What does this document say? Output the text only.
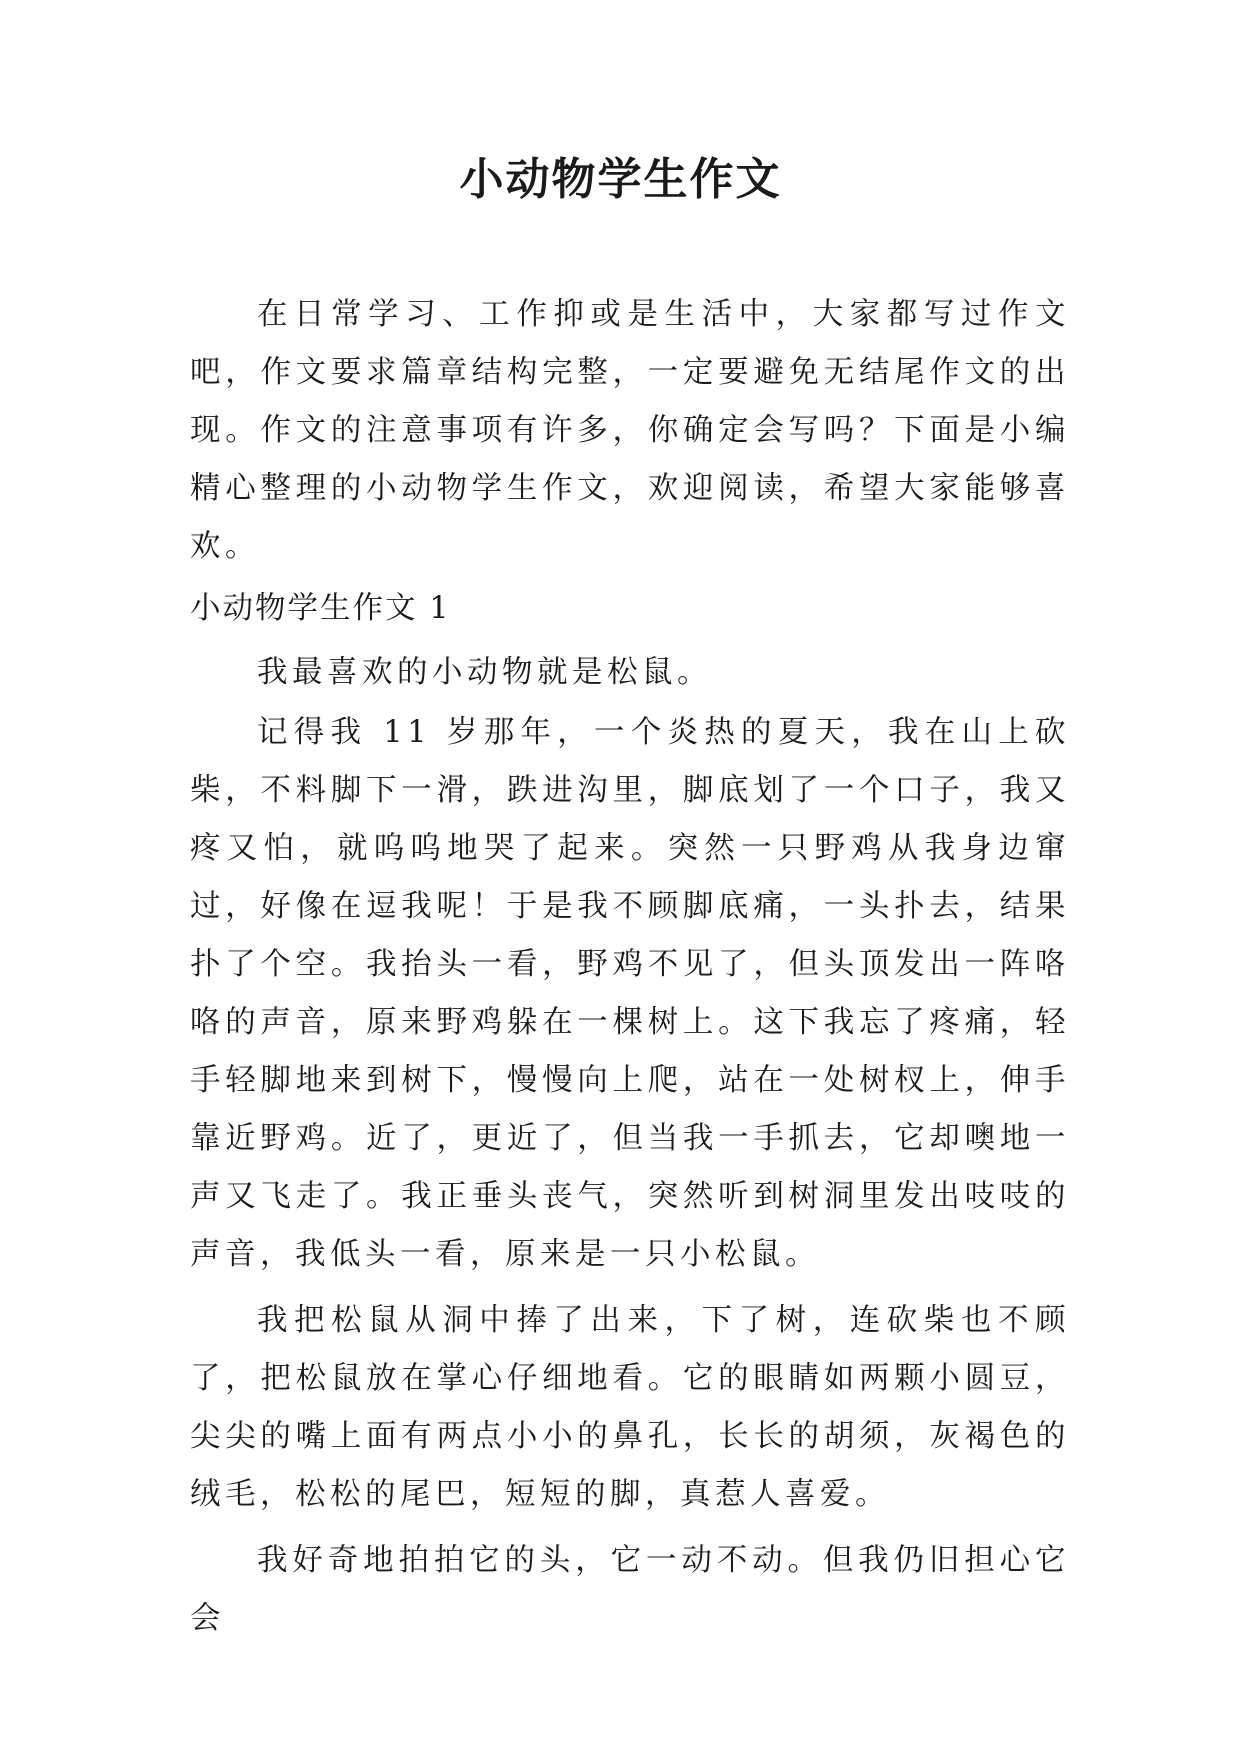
小动物学生作文

在日常学习、工作抑或是生活中，大家都写过作文吧，作文要求篇章结构完整，一定要避免无结尾作文的出现。作文的注意事项有许多，你确定会写吗？下面是小编精心整理的小动物学生作文，欢迎阅读，希望大家能够喜欢。

小动物学生作文 1

我最喜欢的小动物就是松鼠。

记得我 11 岁那年，一个炎热的夏天，我在山上砍柴，不料脚下一滑，跌进沟里，脚底划了一个口子，我又疼又怕，就呜呜地哭了起来。突然一只野鸡从我身边窜过，好像在逗我呢！于是我不顾脚底痛，一头扑去，结果扑了个空。我抬头一看，野鸡不见了，但头顶发出一阵咯咯的声音，原来野鸡躲在一棵树上。这下我忘了疼痛，轻手轻脚地来到树下，慢慢向上爬，站在一处树杈上，伸手靠近野鸡。近了，更近了，但当我一手抓去，它却噢地一声又飞走了。我正垂头丧气，突然听到树洞里发出吱吱的声音，我低头一看，原来是一只小松鼠。

我把松鼠从洞中捧了出来，下了树，连砍柴也不顾了，把松鼠放在掌心仔细地看。它的眼睛如两颗小圆豆，尖尖的嘴上面有两点小小的鼻孔，长长的胡须，灰褐色的绒毛，松松的尾巴，短短的脚，真惹人喜爱。

我好奇地拍拍它的头，它一动不动。但我仍旧担心它会
